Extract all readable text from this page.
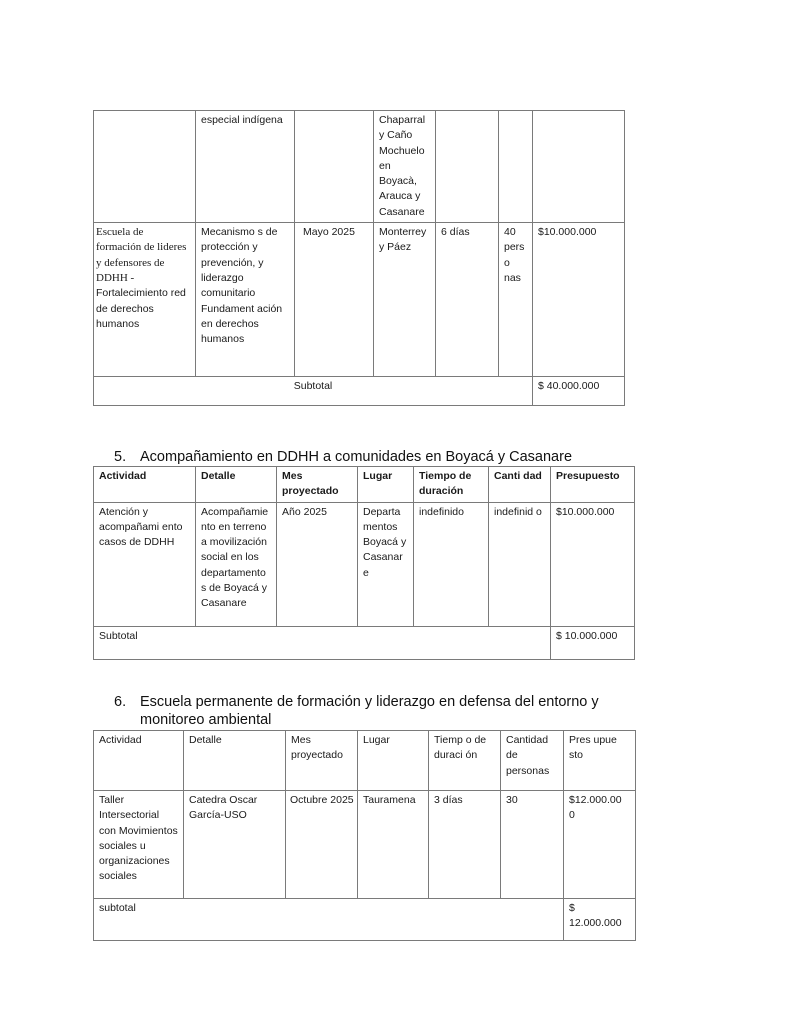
	especial indígena		Chaparral y Caño Mochuelo en Boyacà, Arauca y Casanare			
Escuela de formación de lideres y defensores de DDHH -
Fortalecimiento red de derechos humanos	Mecanismo s de protección y prevención, y liderazgo comunitario Fundament ación en derechos humanos	Mayo 2025	Monterrey y Páez	6 días	40 perso nas	$10.000.000
Subtotal						$ 40.000.000
5. Acompañamiento en DDHH a comunidades en Boyacá y Casanare
Actividad	Detalle	Mes proyectado	Lugar	Tiempo de duración	Canti dad	Presupuesto
Atención y acompañami ento casos de DDHH	Acompañamie nto en terreno a movilización social en los departamento s de Boyacá y Casanare	Año 2025	Departa mentos Boyacá y Casanar e	indefinido	indefinid o	$10.000.000
Subtotal						$ 10.000.000
6. Escuela permanente de formación y liderazgo en defensa del entorno y
monitoreo ambiental
Actividad	Detalle	Mes proyectado	Lugar	Tiemp o de duraci ón	Cantidad de personas	Pres upue sto
Taller Intersectorial con Movimientos sociales u organizaciones sociales	Catedra Oscar García-USO	Octubre 2025	Tauramena	3 días	30	$12.000.00 0
subtotal						$ 12.000.000
